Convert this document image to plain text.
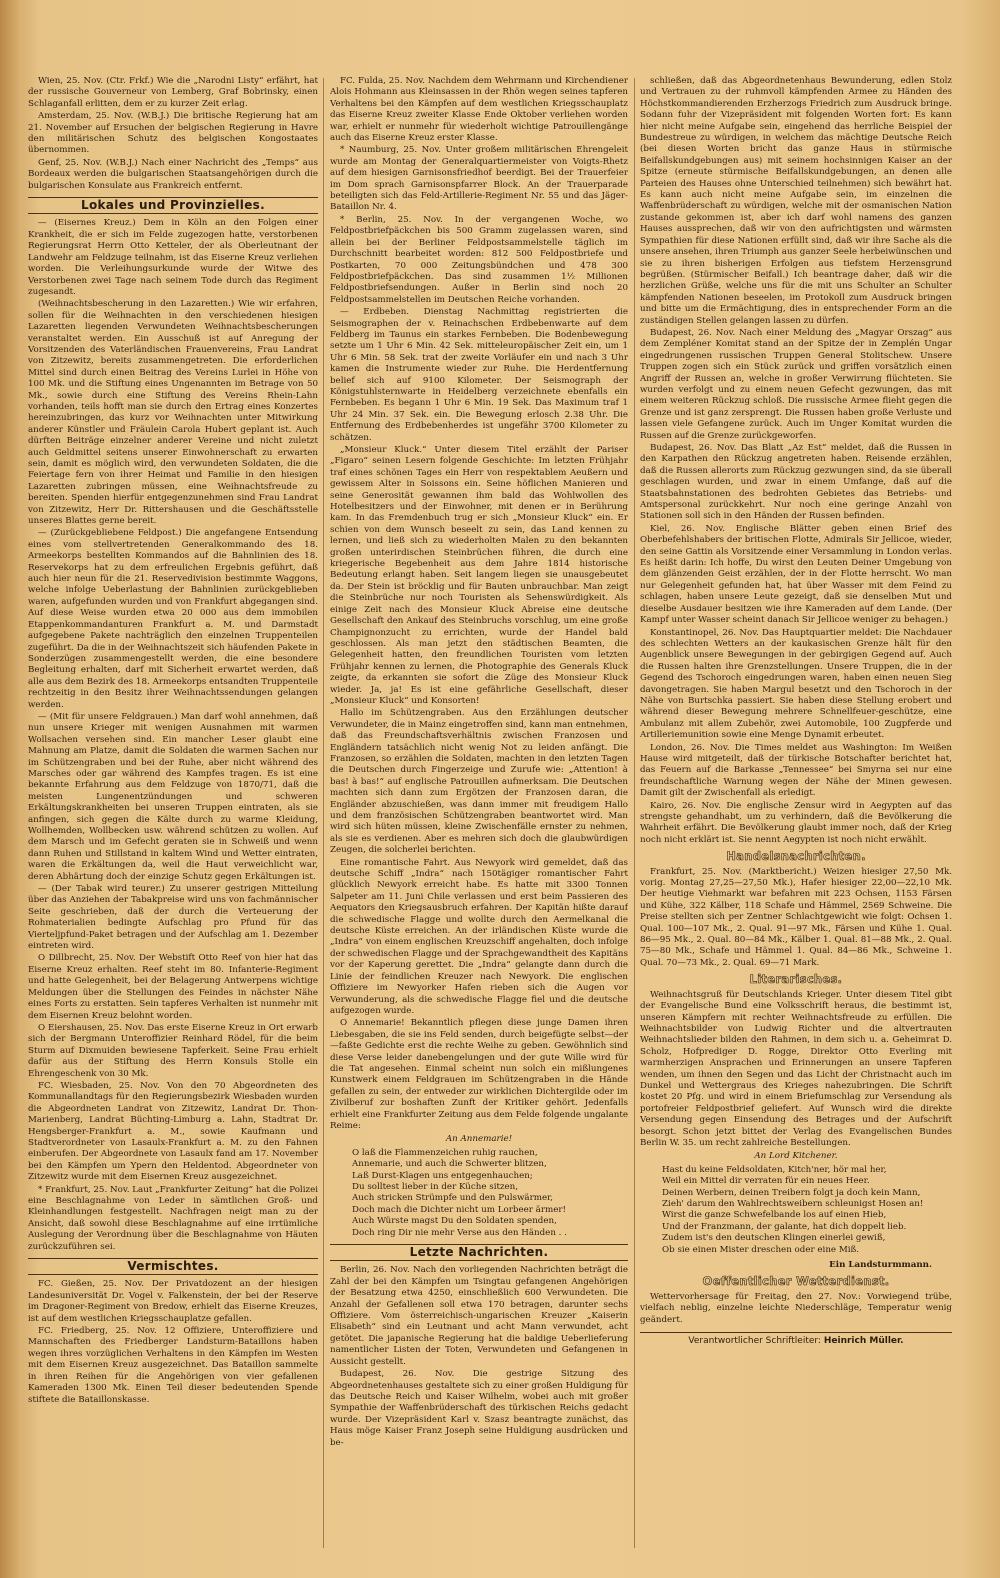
Wien, 25. Nov. (Ctr. Frkf.) Wie die „Narodni Listy“ erfährt, hat der russische Gouverneur von Lemberg, Graf Bobrinsky, einen Schlaganfall erlitten, dem er zu kurzer Zeit erlag.

Amsterdam, 25. Nov. (W.B.J.) Die britische Regierung hat am 21. November auf Ersuchen der belgischen Regierung in Havre den militärischen Schutz des belgischen Kongostaates übernommen.

Genf, 25. Nov. (W.B.J.) Nach einer Nachricht des „Temps“ aus Bordeaux werden die bulgarischen Staatsangehörigen durch die bulgarischen Konsulate aus Frankreich entfernt.

Lokales und Provinzielles.

— (Eisernes Kreuz.) Dem in Köln an den Folgen einer Krankheit, die er sich im Felde zugezogen hatte, verstorbenen Regierungsrat Herrn Otto Ketteler, der als Oberleutnant der Landwehr am Feldzuge teilnahm, ist das Eiserne Kreuz verliehen worden. Die Verleihungsurkunde wurde der Witwe des Verstorbenen zwei Tage nach seinem Tode durch das Regiment zugesandt.

(Weihnachtsbescherung in den Lazaretten.) Wie wir erfahren, sollen für die Weihnachten in den verschiedenen hiesigen Lazaretten liegenden Verwundeten Weihnachtsbescherungen veranstaltet werden. Ein Ausschuß ist auf Anregung der Vorsitzenden des Vaterländischen Frauenvereins, Frau Landrat von Zitzewitz, bereits zusammengetreten. Die erforderlichen Mittel sind durch einen Beitrag des Vereins Lurlei in Höhe von 100 Mk. und die Stiftung eines Ungenannten im Betrage von 50 Mk., sowie durch eine Stiftung des Vereins Rhein-Lahn vorhanden, teils hofft man sie durch den Ertrag eines Konzertes hereinzubringen, das kurz vor Weihnachten unter Mitwirkung anderer Künstler und Fräulein Carola Hubert geplant ist. Auch dürften Beiträge einzelner anderer Vereine und nicht zuletzt auch Geldmittel seitens unserer Einwohnerschaft zu erwarten sein, damit es möglich wird, den verwundeten Soldaten, die die Feiertage fern von ihrer Heimat und Familie in den hiesigen Lazaretten zubringen müssen, eine Weihnachtsfreude zu bereiten. Spenden hierfür entgegenzunehmen sind Frau Landrat von Zitzewitz, Herr Dr. Rittershausen und die Geschäftsstelle unseres Blattes gerne bereit.

— (Zurückgebliebene Feldpost.) Die angefangene Entsendung eines vom stellvertretenden Generalkommando des 18. Armeekorps bestellten Kommandos auf die Bahnlinien des 18. Reservekorps hat zu dem erfreulichen Ergebnis geführt, daß auch hier neun für die 21. Reservedivision bestimmte Waggons, welche infolge Ueberlastung der Bahnlinien zurückgeblieben waren, aufgefunden wurden und von Frankfurt abgegangen sind. Auf diese Weise wurden etwa 20 000 aus dem immobilen Etappenkommandanturen Frankfurt a. M. und Darmstadt aufgegebene Pakete nachträglich den einzelnen Truppenteilen zugeführt. Da die in der Weihnachtszeit sich häufenden Pakete in Sonderzügen zusammengestellt werden, die eine besondere Begleitung erhalten, darf mit Sicherheit erwartet werden, daß alle aus dem Bezirk des 18. Armeekorps entsandten Truppenteile rechtzeitig in den Besitz ihrer Weihnachtssendungen gelangen werden.

— (Mit für unsere Feldgrauen.) Man darf wohl annehmen, daß nun unsere Krieger mit wenigen Ausnahmen mit warmen Wollsachen versehen sind. Ein mancher Leser glaubt eine Mahnung am Platze, damit die Soldaten die warmen Sachen nur im Schützengraben und bei der Ruhe, aber nicht während des Marsches oder gar während des Kampfes tragen. Es ist eine bekannte Erfahrung aus dem Feldzuge von 1870/71, daß die meisten Lungenentzündungen und schweren Erkältungskrankheiten bei unseren Truppen eintraten, als sie anfingen, sich gegen die Kälte durch zu warme Kleidung, Wollhemden, Wollbecken usw. während schützen zu wollen. Auf dem Marsch und im Gefecht geraten sie in Schweiß und wenn dann Ruhen und Stillstand in kaltem Wind und Wetter eintraten, waren die Erkältungen da, weil die Haut verweichlicht war, deren Abhärtung doch der einzige Schutz gegen Erkältungen ist.

— (Der Tabak wird teurer.) Zu unserer gestrigen Mitteilung über das Anziehen der Tabakpreise wird uns von fachmännischer Seite geschrieben, daß der durch die Verteuerung der Rohmaterialien bedingte Aufschlag pro Pfund für das Vierteljpfund-Paket betragen und der Aufschlag am 1. Dezember eintreten wird.

O Dillbrecht, 25. Nov. Der Webstift Otto Reef von hier hat das Eiserne Kreuz erhalten. Reef steht im 80. Infanterie-Regiment und hatte Gelegenheit, bei der Belagerung Antwerpens wichtige Meldungen über die Stellungen des Feindes in nächster Nähe eines Forts zu erstatten. Sein tapferes Verhalten ist nunmehr mit dem Eisernen Kreuz belohnt worden.

O Eiershausen, 25. Nov. Das erste Eiserne Kreuz in Ort erwarb sich der Bergmann Unteroffizier Reinhard Rödel, für die beim Sturm auf Dixmuiden bewiesene Tapferkeit. Seine Frau erhielt dafür aus der Stiftung des Herrn Konsuls Stolle ein Ehrengeschenk von 30 Mk.

FC. Wiesbaden, 25. Nov. Von den 70 Abgeordneten des Kommunallandtags für den Regierungsbezirk Wiesbaden wurden die Abgeordneten Landrat von Zitzewitz, Landrat Dr. Thon-Marienberg, Landrat Büchting-Limburg a. Lahn, Stadtrat Dr. Hengsberger-Frankfurt a. M., sowie Kaufmann und Stadtverordneter von Lasaulx-Frankfurt a. M. zu den Fahnen einberufen. Der Abgeordnete von Lasaulx fand am 17. November bei den Kämpfen um Ypern den Heldentod. Abgeordneter von Zitzewitz wurde mit dem Eisernen Kreuz ausgezeichnet.

* Frankfurt, 25. Nov. Laut „Frankfurter Zeitung“ hat die Polizei eine Beschlagnahme von Leder in sämtlichen Groß- und Kleinhandlungen festgestellt. Nachfragen neigt man zu der Ansicht, daß sowohl diese Beschlagnahme auf eine irrtümliche Auslegung der Verordnung über die Beschlagnahme von Häuten zurückzuführen sei.

Vermischtes.

FC. Gießen, 25. Nov. Der Privatdozent an der hiesigen Landesuniversität Dr. Vogel v. Falkenstein, der bei der Reserve im Dragoner-Regiment von Bredow, erhielt das Eiserne Kreuzes, ist auf dem westlichen Kriegsschauplatze gefallen.

FC. Friedberg, 25. Nov. 12 Offiziere, Unteroffiziere und Mannschaften des Friedberger Landsturm-Bataillons haben wegen ihres vorzüglichen Verhaltens in den Kämpfen im Westen mit dem Eisernen Kreuz ausgezeichnet. Das Bataillon sammelte in ihren Reihen für die Angehörigen von vier gefallenen Kameraden 1300 Mk. Einen Teil dieser bedeutenden Spende stiftete die Bataillonskasse.

FC. Fulda, 25. Nov. Nachdem dem Wehrmann und Kirchendiener Alois Hohmann aus Kleinsassen in der Rhön wegen seines tapferen Verhaltens bei den Kämpfen auf dem westlichen Kriegsschauplatz das Eiserne Kreuz zweiter Klasse Ende Oktober verliehen worden war, erhielt er nunmehr für wiederholt wichtige Patrouillengänge auch das Eiserne Kreuz erster Klasse.

* Naumburg, 25. Nov. Unter großem militärischen Ehrengeleit wurde am Montag der Generalquartiermeister von Voigts-Rhetz auf dem hiesigen Garnisonsfriedhof beerdigt. Bei der Trauerfeier im Dom sprach Garnisonspfarrer Block. An der Trauerparade beteiligten sich das Feld-Artillerie-Regiment Nr. 55 und das Jäger-Bataillon Nr. 4.

* Berlin, 25. Nov. In der vergangenen Woche, wo Feldpostbriefpäckchen bis 500 Gramm zugelassen waren, sind allein bei der Berliner Feldpostsammelstelle täglich im Durchschnitt bearbeitet worden: 812 500 Feldpostbriefe und Postkarten, 70 000 Zeitungsbündchen und 478 300 Feldpostbriefpäckchen. Das sind zusammen 1½ Millionen Feldpostbriefsendungen. Außer in Berlin sind noch 20 Feldpostsammelstellen im Deutschen Reiche vorhanden.

— Erdbeben. Dienstag Nachmittag registrierten die Seismographen der v. Reinachschen Erdbebenwarte auf dem Feldberg im Taunus ein starkes Fernbeben. Die Bodenbewegung setzte um 1 Uhr 6 Min. 42 Sek. mitteleuropäischer Zeit ein, um 1 Uhr 6 Min. 58 Sek. trat der zweite Vorläufer ein und nach 3 Uhr kamen die Instrumente wieder zur Ruhe. Die Herdentfernung belief sich auf 9100 Kilometer. Der Seismograph der Königstuhlsternwarte in Heidelberg verzeichnete ebenfalls ein Fernbeben. Es begann 1 Uhr 6 Min. 19 Sek. Das Maximum traf 1 Uhr 24 Min. 37 Sek. ein. Die Bewegung erlosch 2.38 Uhr. Die Entfernung des Erdbebenherdes ist ungefähr 3700 Kilometer zu schätzen.

„Monsieur Kluck.“ Unter diesem Titel erzählt der Pariser „Figaro“ seinen Lesern folgende Geschichte: Im letzten Frühjahr traf eines schönen Tages ein Herr von respektablem Aeußern und gewissem Alter in Soissons ein. Seine höflichen Manieren und seine Generosität gewannen ihm bald das Wohlwollen des Hotelbesitzers und der Einwohner, mit denen er in Berührung kam. In das Fremdenbuch trug er sich „Monsieur Kluck“ ein. Er schien von dem Wunsch beseelt zu sein, das Land kennen zu lernen, und ließ sich zu wiederholten Malen zu den bekannten großen unterirdischen Steinbrüchen führen, die durch eine kriegerische Begebenheit aus dem Jahre 1814 historische Bedeutung erlangt haben. Seit langem liegen sie unausgebeutet da. Der Stein ist bröcklig und für Bauten unbrauchbar. Man zeigt die Steinbrüche nur noch Touristen als Sehenswürdigkeit. Als einige Zeit nach des Monsieur Kluck Abreise eine deutsche Gesellschaft den Ankauf des Steinbruchs vorschlug, um eine große Champignonzucht zu errichten, wurde der Handel bald geschlossen. Als man jetzt den städtischen Beamten, die Gelegenheit hatten, den freundlichen Touristen vom letzten Frühjahr kennen zu lernen, die Photographie des Generals Kluck zeigte, da erkannten sie sofort die Züge des Monsieur Kluck wieder. Ja, ja! Es ist eine gefährliche Gesellschaft, dieser „Monsieur Kluck“ und Konsorten!

Hallo im Schützengraben. Aus den Erzählungen deutscher Verwundeter, die in Mainz eingetroffen sind, kann man entnehmen, daß das Freundschaftsverhältnis zwischen Franzosen und Engländern tatsächlich nicht wenig Not zu leiden anfängt. Die Franzosen, so erzählen die Soldaten, machten in den letzten Tagen die Deutschen durch Fingerzeige und Zurufe wie: „Attention! à bas! à bas!“ auf englische Patrouillen aufmerksam. Die Deutschen machten sich dann zum Ergötzen der Franzosen daran, die Engländer abzuschießen, was dann immer mit freudigem Hallo und dem französischen Schützengraben beantwortet wird. Man wird sich hüten müssen, kleine Zwischenfälle ernster zu nehmen, als sie es verdienen. Aber es mehren sich doch die glaubwürdigen Zeugen, die solcherlei berichten.

Eine romantische Fahrt. Aus Newyork wird gemeldet, daß das deutsche Schiff „Indra“ nach 150tägiger romantischer Fahrt glücklich Newyork erreicht habe. Es hatte mit 3300 Tonnen Salpeter am 11. Juni Chile verlassen und erst beim Passieren des Aequators den Kriegsausbruch erfahren. Der Kapitän hißte darauf die schwedische Flagge und wollte durch den Aermelkanal die deutsche Küste erreichen. An der irländischen Küste wurde die „Indra“ von einem englischen Kreuzschiff angehalten, doch infolge der schwedischen Flagge und der Sprachgewandtheit des Kapitäns vor der Kaperung gerettet. Die „Indra“ gelangte dann durch die Linie der feindlichen Kreuzer nach Newyork. Die englischen Offiziere im Newyorker Hafen rieben sich die Augen vor Verwunderung, als die schwedische Flagge fiel und die deutsche aufgezogen wurde.

O Annemarie! Bekanntlich pflegen diese junge Damen ihren Liebesgaben, die sie ins Feld senden, durch beigefügte selbst—der—faßte Gedichte erst die rechte Weihe zu geben. Gewöhnlich sind diese Verse leider danebengelungen und der gute Wille wird für die Tat angesehen. Einmal scheint nun solch ein mißlungenes Kunstwerk einem Feldgrauen im Schützengraben in die Hände gefallen zu sein, der entweder zur wirklichen Dichtergilde oder im Zivilberuf zur boshaften Zunft der Kritiker gehört. Jedenfalls erhielt eine Frankfurter Zeitung aus dem Felde folgende ungalante Reime:

An Annemarie!
O laß die Flammenzeichen ruhig rauchen,
Annemarie, und auch die Schwerter blitzen,
Laß Durst-Klagen uns entgegenhauchen;
Du solltest lieber in der Küche sitzen,
Auch stricken Strümpfe und den Pulswärmer,
Doch mach die Dichter nicht um Lorbeer ärmer!
Auch Würste magst Du den Soldaten spenden,
Doch ring Dir nie mehr Verse aus den Händen . .
Letzte Nachrichten.

Berlin, 26. Nov. Nach den vorliegenden Nachrichten beträgt die Zahl der bei den Kämpfen um Tsingtau gefangenen Angehörigen der Besatzung etwa 4250, einschließlich 600 Verwundeten. Die Anzahl der Gefallenen soll etwa 170 betragen, darunter sechs Offiziere. Vom österreichisch-ungarischen Kreuzer „Kaiserin Elisabeth“ sind ein Leutnant und acht Mann verwundet, acht getötet. Die japanische Regierung hat die baldige Ueberlieferung namentlicher Listen der Toten, Verwundeten und Gefangenen in Aussicht gestellt.

Budapest, 26. Nov. Die gestrige Sitzung des Abgeordnetenhauses gestaltete sich zu einer großen Huldigung für das Deutsche Reich und Kaiser Wilhelm, wobei auch mit großer Sympathie der Waffenbrüderschaft des türkischen Reichs gedacht wurde. Der Vizepräsident Karl v. Szasz beantragte zunächst, das Haus möge Kaiser Franz Joseph seine Huldigung ausdrücken und be-

schließen, daß das Abgeordnetenhaus Bewunderung, edlen Stolz und Vertrauen zu der ruhmvoll kämpfenden Armee zu Händen des Höchstkommandierenden Erzherzogs Friedrich zum Ausdruck bringe. Sodann fuhr der Vizepräsident mit folgenden Worten fort: Es kann hier nicht meine Aufgabe sein, eingehend das herrliche Beispiel der Bundestreue zu würdigen, in welchem das mächtige Deutsche Reich (bei diesen Worten bricht das ganze Haus in stürmische Beifallskundgebungen aus) mit seinem hochsinnigen Kaiser an der Spitze (erneute stürmische Beifallskundgebungen, an denen alle Parteien des Hauses ohne Unterschied teilnehmen) sich bewährt hat. Es kann auch nicht meine Aufgabe sein, im einzelnen die Waffenbrüderschaft zu würdigen, welche mit der osmanischen Nation zustande gekommen ist, aber ich darf wohl namens des ganzen Hauses aussprechen, daß wir von den aufrichtigsten und wärmsten Sympathien für diese Nationen erfüllt sind, daß wir ihre Sache als die unsere ansehen, ihren Triumph aus ganzer Seele herbeiwünschen und sie zu ihren bisherigen Erfolgen aus tiefstem Herzensgrund begrüßen. (Stürmischer Beifall.) Ich beantrage daher, daß wir die herzlichen Grüße, welche uns für die mit uns Schulter an Schulter kämpfenden Nationen beseelen, im Protokoll zum Ausdruck bringen und bitte um die Ermächtigung, dies in entsprechender Form an die zuständigen Stellen gelangen lassen zu dürfen.

Budapest, 26. Nov. Nach einer Meldung des „Magyar Orszag“ aus dem Zempléner Komitat stand an der Spitze der in Zemplén Ungar eingedrungenen russischen Truppen General Stolitschew. Unsere Truppen zogen sich ein Stück zurück und griffen vorsätzlich einen Angriff der Russen an, welche in großer Verwirrung flüchteten. Sie wurden verfolgt und zu einem neuen Gefecht gezwungen, das mit einem weiteren Rückzug schloß. Die russische Armee flieht gegen die Grenze und ist ganz zersprengt. Die Russen haben große Verluste und lassen viele Gefangene zurück. Auch im Unger Komitat wurden die Russen auf die Grenze zurückgeworfen.

Budapest, 26. Nov. Das Blatt „Az Est“ meldet, daß die Russen in den Karpathen den Rückzug angetreten haben. Reisende erzählen, daß die Russen allerorts zum Rückzug gezwungen sind, da sie überall geschlagen wurden, und zwar in einem Umfange, daß auf die Staatsbahnstationen des bedrohten Gebietes das Betriebs- und Amtspersonal zurückkehrt. Nur noch eine geringe Anzahl von Stationen soll sich in den Händen der Russen befinden.

Kiel, 26. Nov. Englische Blätter geben einen Brief des Oberbefehlshabers der britischen Flotte, Admirals Sir Jellicoe, wieder, den seine Gattin als Vorsitzende einer Versammlung in London verlas. Es heißt darin: Ich hoffe, Du wirst den Leuten Deiner Umgebung von dem glänzenden Geist erzählen, der in der Flotte herrscht. Wo man nur Gelegenheit gefunden hat, hat über Wasser mit dem Feind zu schlagen, haben unsere Leute gezeigt, daß sie denselben Mut und dieselbe Ausdauer besitzen wie ihre Kameraden auf dem Lande. (Der Kampf unter Wasser scheint danach Sir Jellicoe weniger zu behagen.)

Konstantinopel, 26. Nov. Das Hauptquartier meldet: Die Nachdauer des schlechten Wetters an der kaukasischen Grenze hält für den Augenblick unsere Bewegungen in der gebirgigen Gegend auf. Auch die Russen halten ihre Grenzstellungen. Unsere Truppen, die in der Gegend des Tschoroch eingedrungen waren, haben einen neuen Sieg davongetragen. Sie haben Margul besetzt und den Tschoroch in der Nähe von Burtschka passiert. Sie haben diese Stellung erobert und während dieser Bewegung mehrere Schnellfeuer-geschütze, eine Ambulanz mit allem Zubehör, zwei Automobile, 100 Zugpferde und Artilleriemunition sowie eine Menge Dynamit erbeutet.

London, 26. Nov. Die Times meldet aus Washington: Im Weißen Hause wird mitgeteilt, daß der türkische Botschafter berichtet hat, das Feuern auf die Barkasse „Tennessee“ bei Smyrna sei nur eine freundschaftliche Warnung wegen der Nähe der Minen gewesen. Damit gilt der Zwischenfall als erledigt.

Kairo, 26. Nov. Die englische Zensur wird in Aegypten auf das strengste gehandhabt, um zu verhindern, daß die Bevölkerung die Wahrheit erfährt. Die Bevölkerung glaubt immer noch, daß der Krieg noch nicht erklärt ist. Sie nennt Aegypten ist noch nicht erwählt.

Handelsnachrichten.

Frankfurt, 25. Nov. (Marktbericht.) Weizen hiesiger 27,50 Mk. vorig. Montag 27,25—27,50 Mk.), Hafer hiesiger 22,00—22,10 Mk. Der heutige Viehmarkt war befahren mit 223 Ochsen, 1153 Färsen und Kühe, 322 Kälber, 118 Schafe und Hämmel, 2569 Schweine. Die Preise stellten sich per Zentner Schlachtgewicht wie folgt: Ochsen 1. Qual. 100—107 Mk., 2. Qual. 91—97 Mk., Färsen und Kühe 1. Qual. 86—95 Mk., 2. Qual. 80—84 Mk., Kälber 1. Qual. 81—88 Mk., 2. Qual. 75—80 Mk., Schafe und Hämmel 1. Qual. 84—86 Mk., Schweine 1. Qual. 70—73 Mk., 2. Qual. 69—71 Mark.

Literarisches.

Weihnachtsgruß für Deutschlands Krieger. Unter diesem Titel gibt der Evangelische Bund eine Volksschrift heraus, die bestimmt ist, unseren Kämpfern mit rechter Weihnachtsfreude zu erfüllen. Die Weihnachtsbilder von Ludwig Richter und die altvertrauten Weihnachtslieder bilden den Rahmen, in dem sich u. a. Geheimrat D. Scholz, Hofprediger D. Rogge, Direktor Otto Everling mit warmherzigen Ansprachen und Erinnerungen an unsere Tapferen wenden, um ihnen den Segen und das Licht der Christnacht auch im Dunkel und Wettergraus des Krieges nahezubringen. Die Schrift kostet 20 Pfg. und wird in einem Briefumschlag zur Versendung als portofreier Feldpostbrief geliefert. Auf Wunsch wird die direkte Versendung gegen Einsendung des Betrages und der Aufschrift besorgt. Schon jetzt bittet der Verlag des Evangelischen Bundes Berlin W. 35. um recht zahlreiche Bestellungen.

An Lord Kitchener.
Hast du keine Feldsoldaten, Kitch'ner, hör mal her,
Weil ein Mittel dir verraten für ein neues Heer.
Deinen Werbern, deinen Treibern folgt ja doch kein Mann,
Zieh' darum den Wahlrechtsweibern schleunigst Hosen an!
Wirst die ganze Schwefelbande los auf einen Hieb,
Und der Franzmann, der galante, hat dich doppelt lieb.
Zudem ist's den deutschen Klingen einerlei gewiß,
Ob sie einen Mister dreschen oder eine Miß.
Ein Landsturmmann.
Oeffentlicher Wetterdienst.

Wettervorhersage für Freitag, den 27. Nov.: Vorwiegend trübe, vielfach neblig, einzelne leichte Niederschläge, Temperatur wenig geändert.

Verantwortlicher Schriftleiter: Heinrich Müller.
